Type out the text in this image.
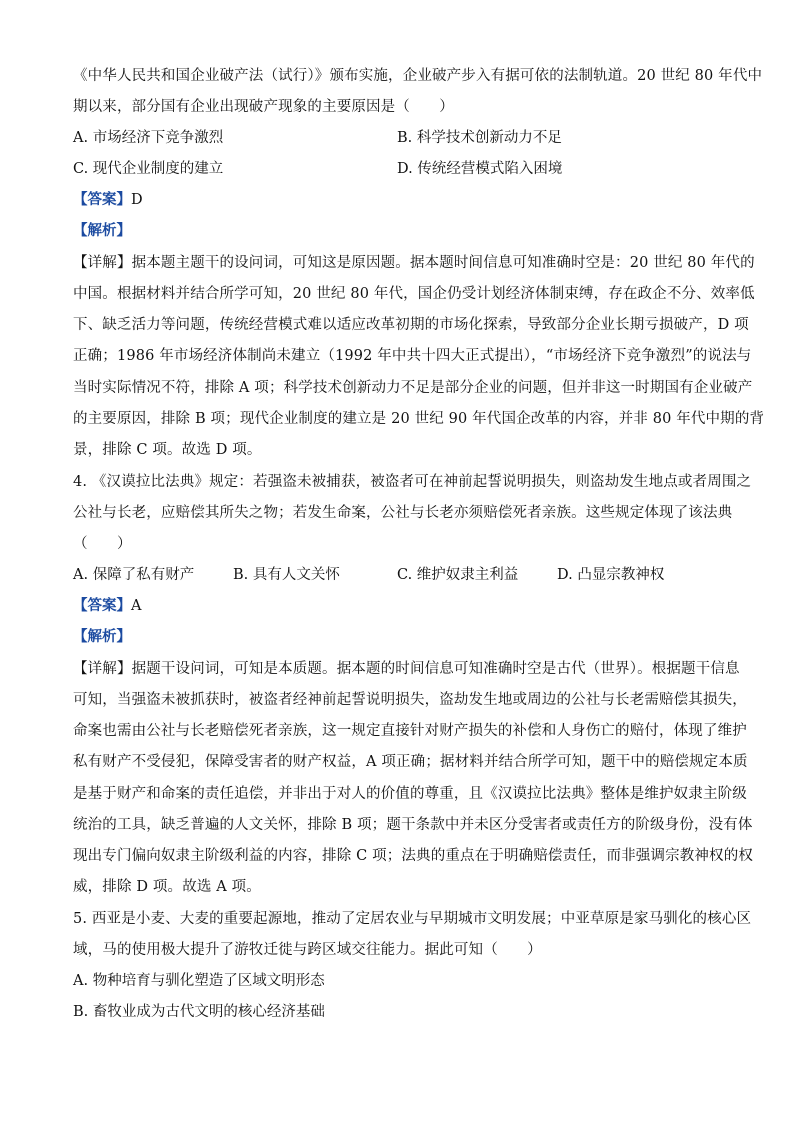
《中华人民共和国企业破产法（试行）》颁布实施，企业破产步入有据可依的法制轨道。20 世纪 80 年代中
期以来，部分国有企业出现破产现象的主要原因是（　　）
A. 市场经济下竞争激烈	B. 科学技术创新动力不足
C. 现代企业制度的建立	D. 传统经营模式陷入困境
【答案】D
【解析】
【详解】据本题主题干的设问词，可知这是原因题。据本题时间信息可知准确时空是：20 世纪 80 年代的
中国。根据材料并结合所学可知，20 世纪 80 年代，国企仍受计划经济体制束缚，存在政企不分、效率低
下、缺乏活力等问题，传统经营模式难以适应改革初期的市场化探索，导致部分企业长期亏损破产，D 项
正确；1986 年市场经济体制尚未建立（1992 年中共十四大正式提出），“市场经济下竞争激烈”的说法与
当时实际情况不符，排除 A 项；科学技术创新动力不足是部分企业的问题，但并非这一时期国有企业破产
的主要原因，排除 B 项；现代企业制度的建立是 20 世纪 90 年代国企改革的内容，并非 80 年代中期的背
景，排除 C 项。故选 D 项。
4. 《汉谟拉比法典》规定：若强盗未被捕获，被盗者可在神前起誓说明损失，则盗劫发生地点或者周围之
公社与长老，应赔偿其所失之物；若发生命案，公社与长老亦须赔偿死者亲族。这些规定体现了该法典
（　　）
A. 保障了私有财产	B. 具有人文关怀	C. 维护奴隶主利益	D. 凸显宗教神权
【答案】A
【解析】
【详解】据题干设问词，可知是本质题。据本题的时间信息可知准确时空是古代（世界）。根据题干信息
可知，当强盗未被抓获时，被盗者经神前起誓说明损失，盗劫发生地或周边的公社与长老需赔偿其损失，
命案也需由公社与长老赔偿死者亲族，这一规定直接针对财产损失的补偿和人身伤亡的赔付，体现了维护
私有财产不受侵犯，保障受害者的财产权益，A 项正确；据材料并结合所学可知，题干中的赔偿规定本质
是基于财产和命案的责任追偿，并非出于对人的价值的尊重，且《汉谟拉比法典》整体是维护奴隶主阶级
统治的工具，缺乏普遍的人文关怀，排除 B 项；题干条款中并未区分受害者或责任方的阶级身份，没有体
现出专门偏向奴隶主阶级利益的内容，排除 C 项；法典的重点在于明确赔偿责任，而非强调宗教神权的权
威，排除 D 项。故选 A 项。
5. 西亚是小麦、大麦的重要起源地，推动了定居农业与早期城市文明发展；中亚草原是家马驯化的核心区
域，马的使用极大提升了游牧迁徙与跨区域交往能力。据此可知（　　）
A. 物种培育与驯化塑造了区域文明形态
B. 畜牧业成为古代文明的核心经济基础
